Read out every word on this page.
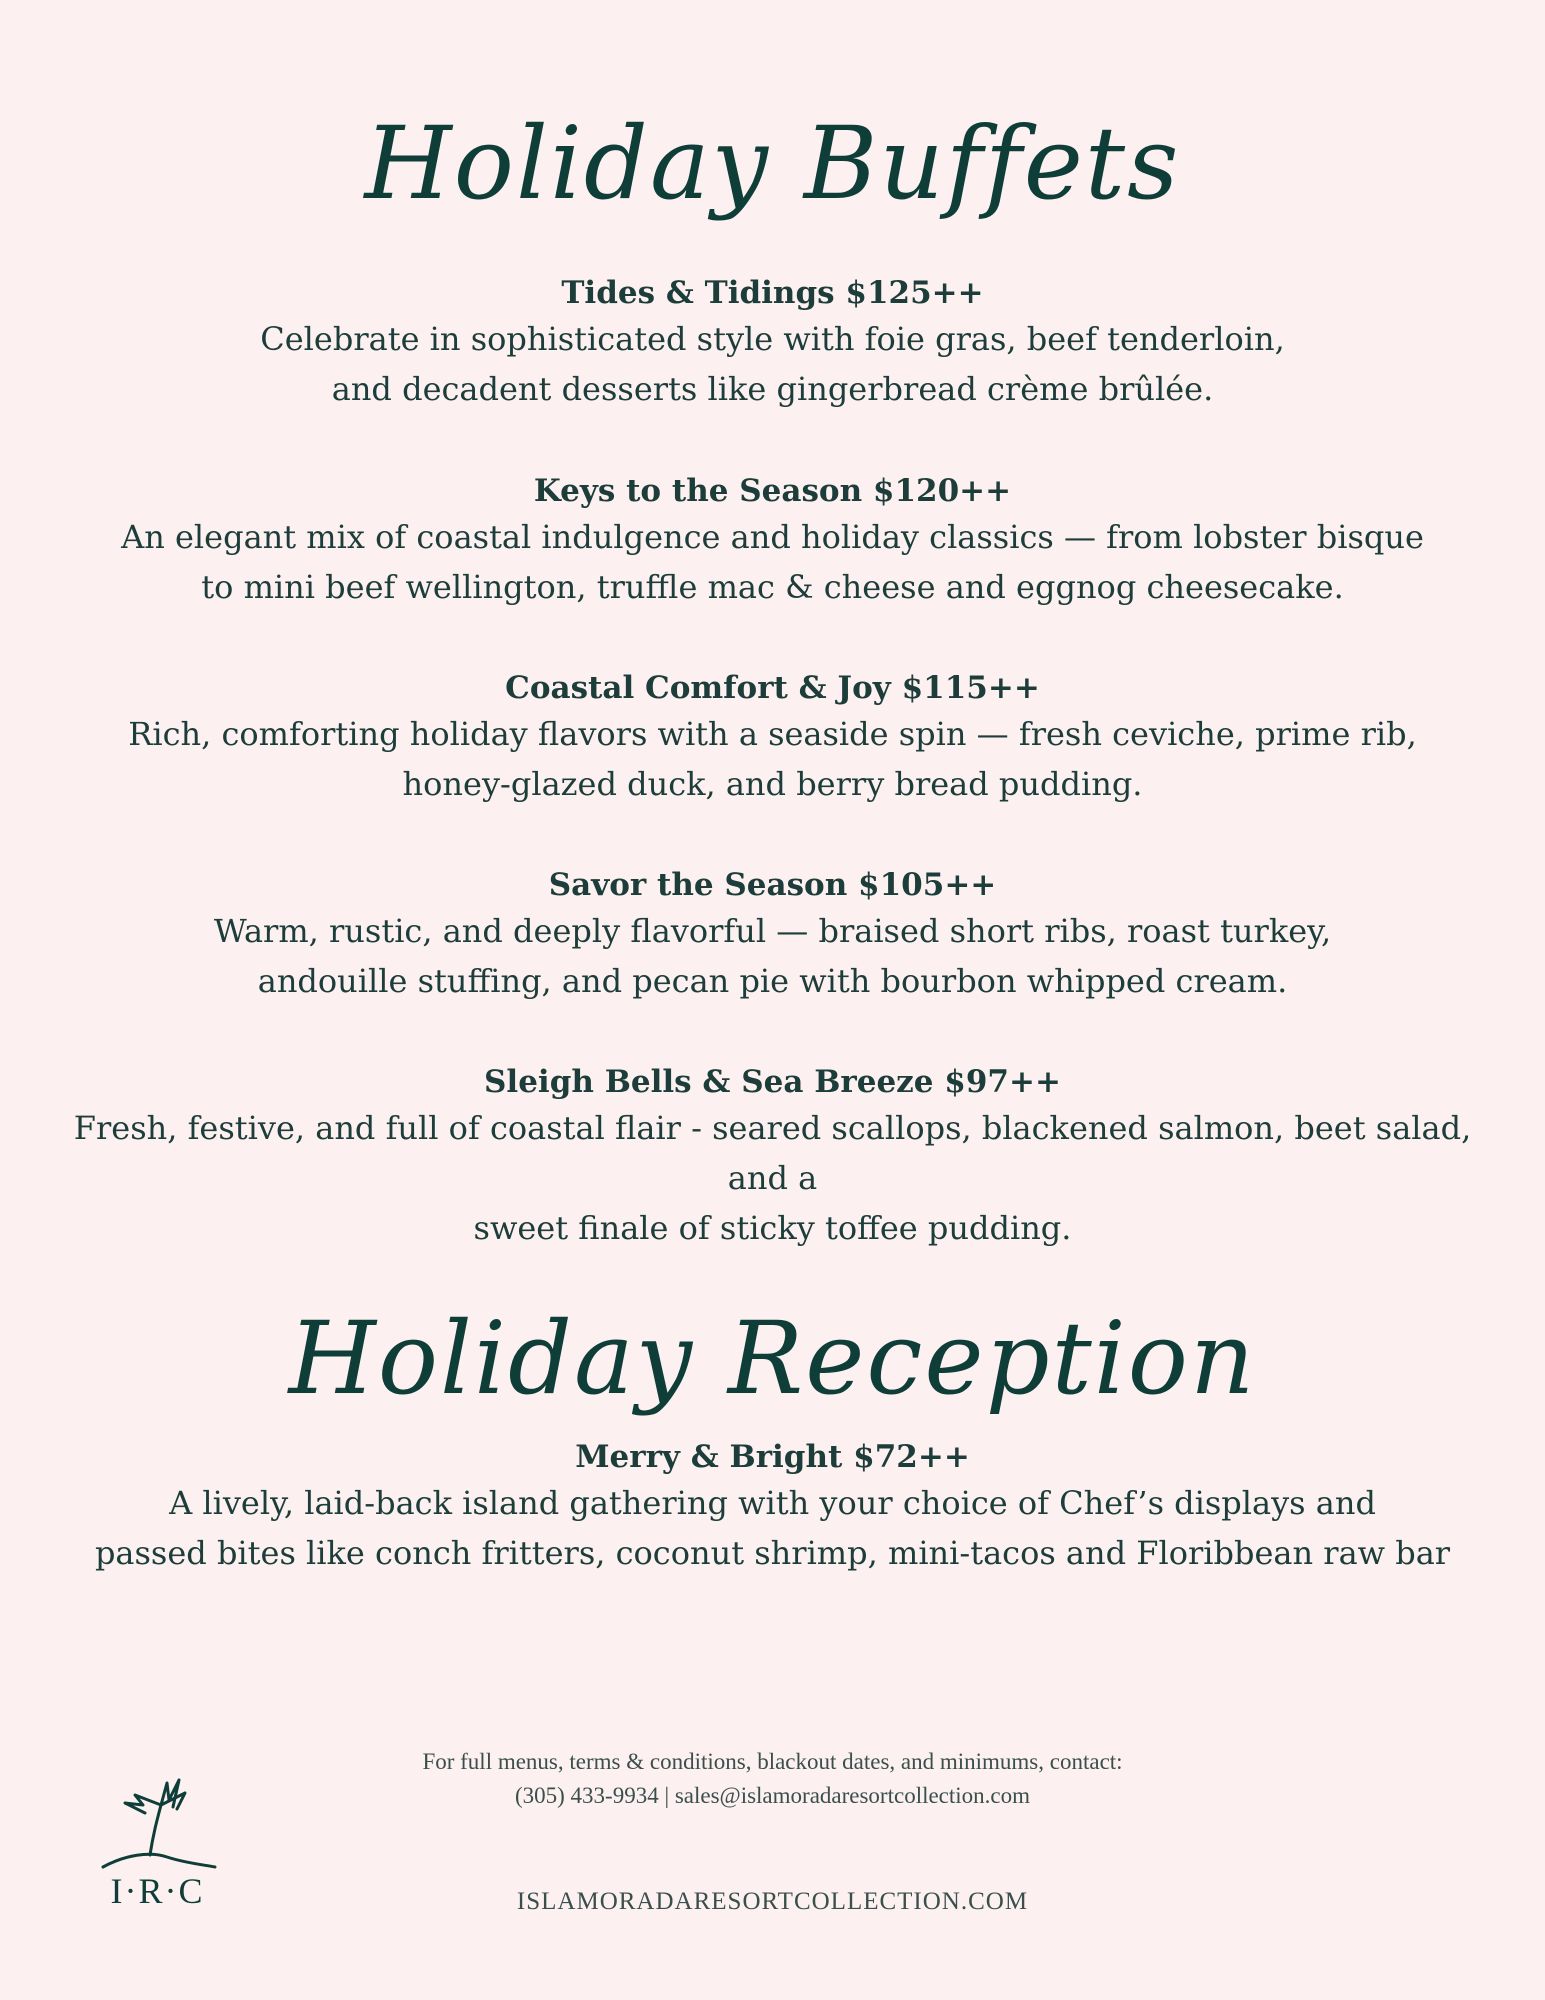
Holiday Buffets
Tides & Tidings $125++
Celebrate in sophisticated style with foie gras, beef tenderloin,
and decadent desserts like gingerbread crème brûlée.
Keys to the Season $120++
An elegant mix of coastal indulgence and holiday classics — from lobster bisque
to mini beef wellington, truffle mac & cheese and eggnog cheesecake.
Coastal Comfort & Joy $115++
Rich, comforting holiday flavors with a seaside spin — fresh ceviche, prime rib,
honey-glazed duck, and berry bread pudding.
Savor the Season $105++
Warm, rustic, and deeply flavorful — braised short ribs, roast turkey,
andouille stuffing, and pecan pie with bourbon whipped cream.
Sleigh Bells & Sea Breeze $97++
Fresh, festive, and full of coastal flair - seared scallops, blackened salmon, beet salad, and a
sweet finale of sticky toffee pudding.
Holiday Reception
Merry & Bright $72++
A lively, laid-back island gathering with your choice of Chef’s displays and
passed bites like conch fritters, coconut shrimp, mini-tacos and Floribbean raw bar
For full menus, terms & conditions, blackout dates, and minimums, contact:
(305) 433-9934 | sales@islamoradaresortcollection.com
I·R·C	ISLAMORADARESORTCOLLECTION.COM
